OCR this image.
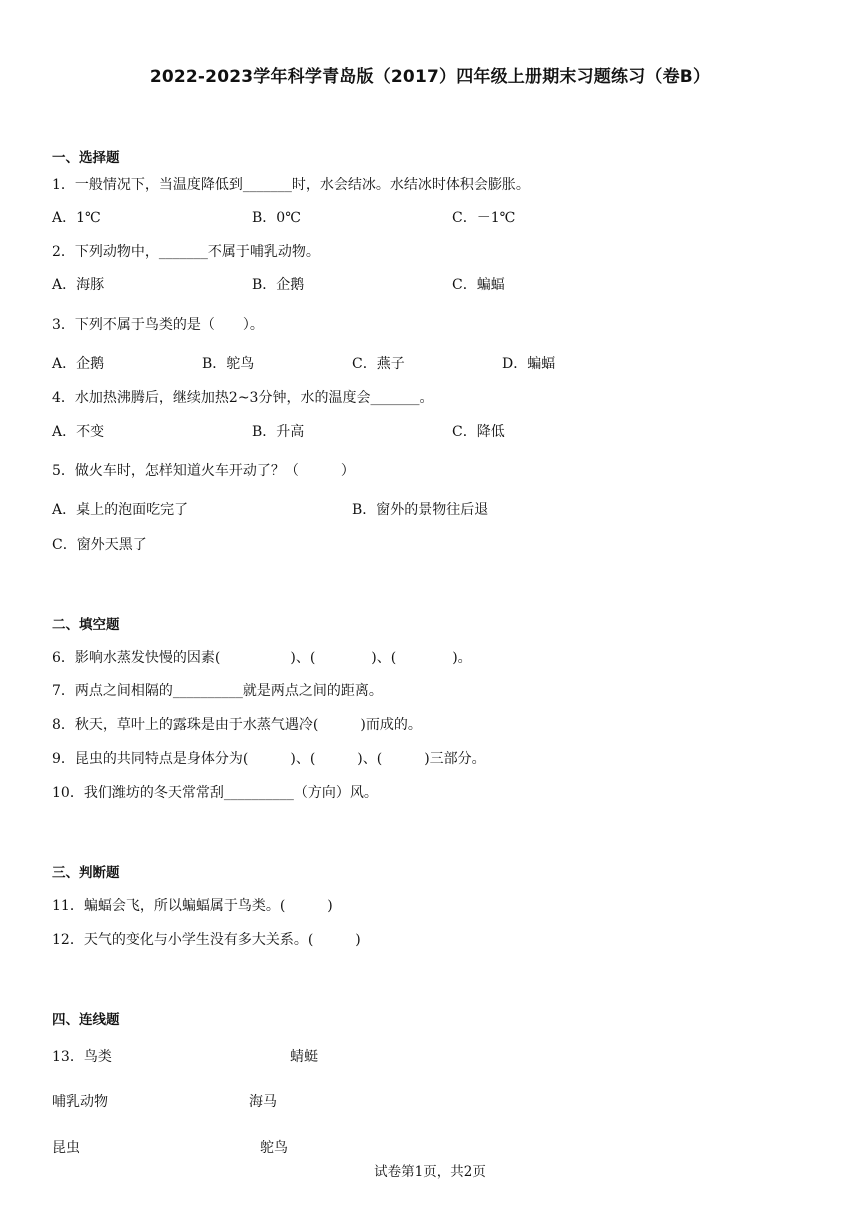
2022-2023学年科学青岛版（2017）四年级上册期末习题练习（卷B）
一、选择题
1．一般情况下，当温度降低到_______时，水会结冰。水结冰时体积会膨胀。
A．1℃	B．0℃	C．－1℃
2．下列动物中，_______不属于哺乳动物。
A．海豚	B．企鹅	C．蝙蝠
3．下列不属于鸟类的是（　　）。
A．企鹅	B．鸵鸟	C．燕子	D．蝙蝠
4．水加热沸腾后，继续加热2~3分钟，水的温度会_______。
A．不变	B．升高	C．降低
5．做火车时，怎样知道火车开动了？（　　　）
A．桌上的泡面吃完了	B．窗外的景物往后退
C．窗外天黑了
二、填空题
6．影响水蒸发快慢的因素(　　　　　)、(　　　　)、(　　　　)。
7．两点之间相隔的__________就是两点之间的距离。
8．秋天，草叶上的露珠是由于水蒸气遇冷(　　　)而成的。
9．昆虫的共同特点是身体分为(　　　)、(　　　)、(　　　)三部分。
10．我们潍坊的冬天常常刮__________（方向）风。
三、判断题
11．蝙蝠会飞，所以蝙蝠属于鸟类。(　　　)
12．天气的变化与小学生没有多大关系。(　　　)
四、连线题
13．鸟类	蜻蜓
哺乳动物	海马
昆虫	鸵鸟
试卷第1页，共2页
